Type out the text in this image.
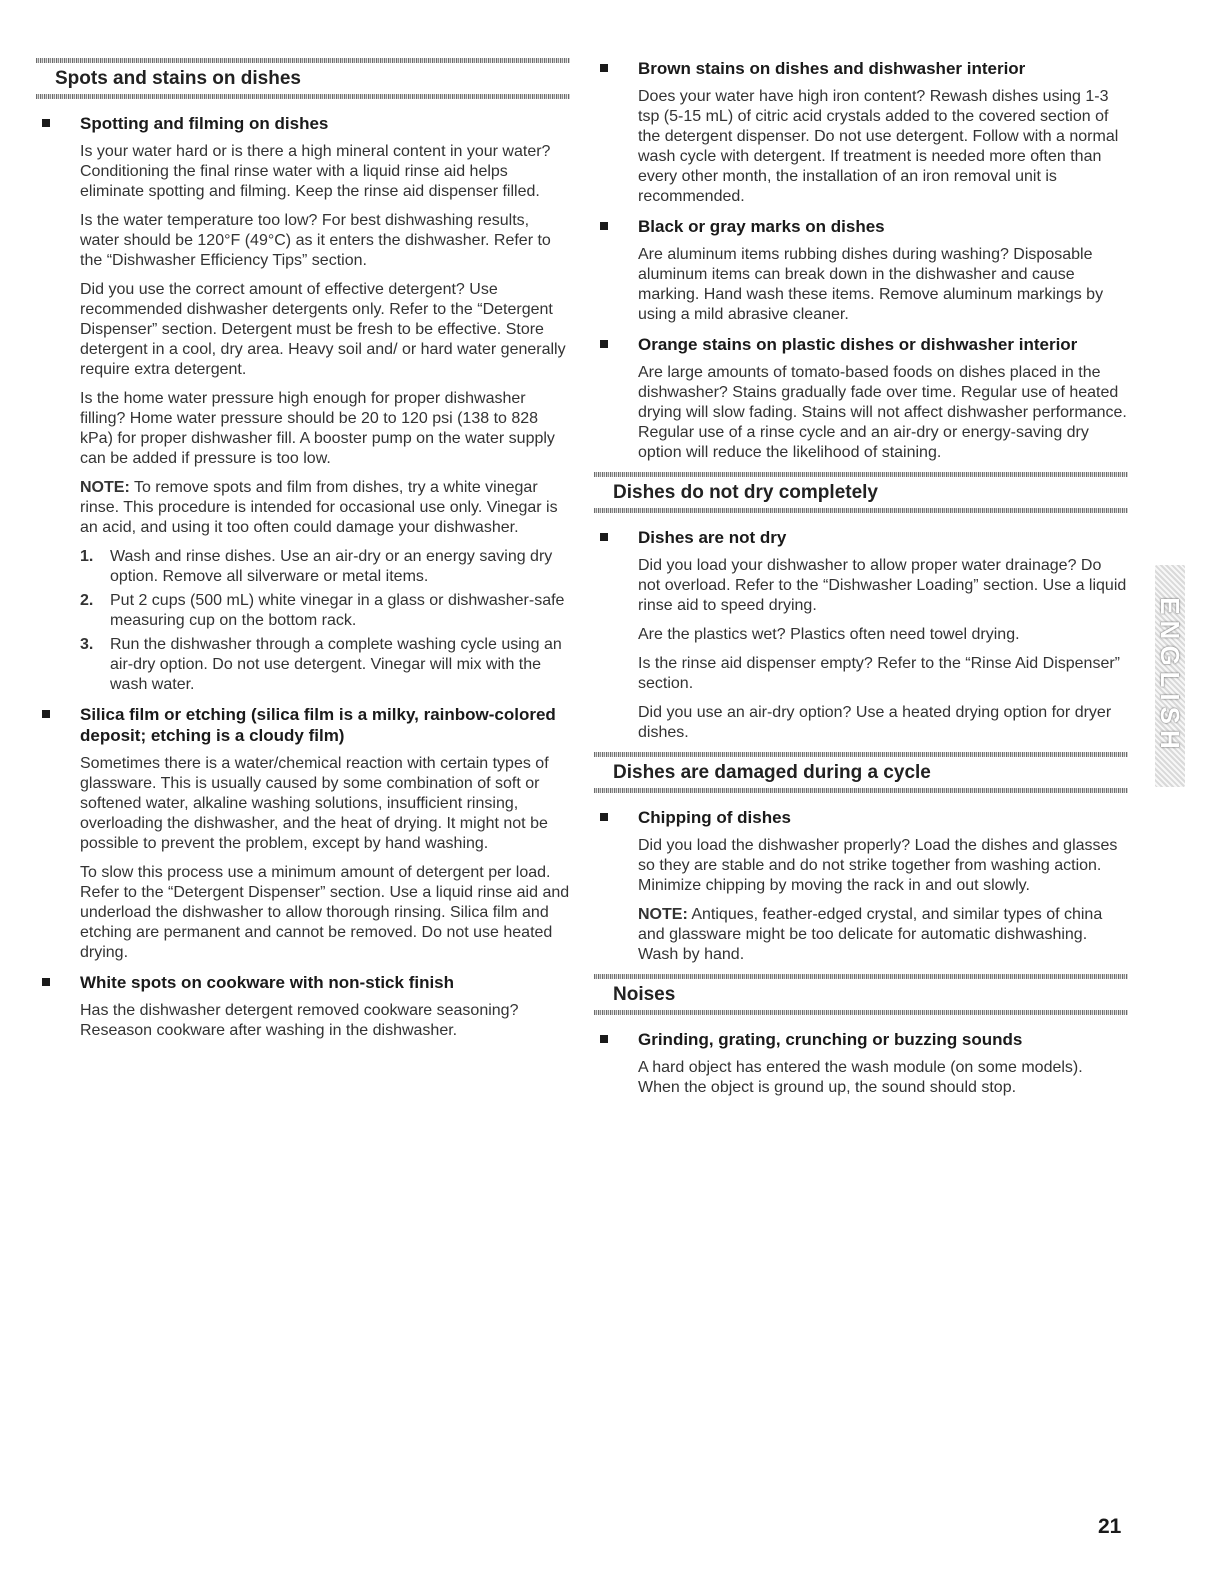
Spots and stains on dishes
Spotting and filming on dishes

Is your water hard or is there a high mineral content in your water? Conditioning the final rinse water with a liquid rinse aid helps eliminate spotting and filming. Keep the rinse aid dispenser filled.

Is the water temperature too low? For best dishwashing results, water should be 120°F (49°C) as it enters the dishwasher. Refer to the “Dishwasher Efficiency Tips” section.

Did you use the correct amount of effective detergent? Use recommended dishwasher detergents only. Refer to the “Detergent Dispenser” section. Detergent must be fresh to be effective. Store detergent in a cool, dry area. Heavy soil and/ or hard water generally require extra detergent.

Is the home water pressure high enough for proper dishwasher filling? Home water pressure should be 20 to 120 psi (138 to 828 kPa) for proper dishwasher fill. A booster pump on the water supply can be added if pressure is too low.

NOTE: To remove spots and film from dishes, try a white vinegar rinse. This procedure is intended for occasional use only. Vinegar is an acid, and using it too often could damage your dishwasher.

1. Wash and rinse dishes. Use an air-dry or an energy saving dry option. Remove all silverware or metal items.
2. Put 2 cups (500 mL) white vinegar in a glass or dishwasher-safe measuring cup on the bottom rack.
3. Run the dishwasher through a complete washing cycle using an air-dry option. Do not use detergent. Vinegar will mix with the wash water.
Silica film or etching (silica film is a milky, rainbow-colored deposit; etching is a cloudy film)

Sometimes there is a water/chemical reaction with certain types of glassware. This is usually caused by some combination of soft or softened water, alkaline washing solutions, insufficient rinsing, overloading the dishwasher, and the heat of drying. It might not be possible to prevent the problem, except by hand washing.

To slow this process use a minimum amount of detergent per load. Refer to the “Detergent Dispenser” section. Use a liquid rinse aid and underload the dishwasher to allow thorough rinsing. Silica film and etching are permanent and cannot be removed. Do not use heated drying.

White spots on cookware with non-stick finish

Has the dishwasher detergent removed cookware seasoning? Reseason cookware after washing in the dishwasher.

Brown stains on dishes and dishwasher interior

Does your water have high iron content? Rewash dishes using 1-3 tsp (5-15 mL) of citric acid crystals added to the covered section of the detergent dispenser. Do not use detergent. Follow with a normal wash cycle with detergent. If treatment is needed more often than every other month, the installation of an iron removal unit is recommended.

Black or gray marks on dishes

Are aluminum items rubbing dishes during washing? Disposable aluminum items can break down in the dishwasher and cause marking. Hand wash these items. Remove aluminum markings by using a mild abrasive cleaner.

Orange stains on plastic dishes or dishwasher interior

Are large amounts of tomato-based foods on dishes placed in the dishwasher? Stains gradually fade over time. Regular use of heated drying will slow fading. Stains will not affect dishwasher performance. Regular use of a rinse cycle and an air-dry or energy-saving dry option will reduce the likelihood of staining.

Dishes do not dry completely
Dishes are not dry

Did you load your dishwasher to allow proper water drainage? Do not overload. Refer to the “Dishwasher Loading” section. Use a liquid rinse aid to speed drying.

Are the plastics wet? Plastics often need towel drying.

Is the rinse aid dispenser empty? Refer to the “Rinse Aid Dispenser” section.

Did you use an air-dry option? Use a heated drying option for dryer dishes.

Dishes are damaged during a cycle
Chipping of dishes

Did you load the dishwasher properly? Load the dishes and glasses so they are stable and do not strike together from washing action. Minimize chipping by moving the rack in and out slowly.

NOTE: Antiques, feather-edged crystal, and similar types of china and glassware might be too delicate for automatic dishwashing. Wash by hand.

Noises
Grinding, grating, crunching or buzzing sounds

A hard object has entered the wash module (on some models). When the object is ground up, the sound should stop.

ENGLISH
21
